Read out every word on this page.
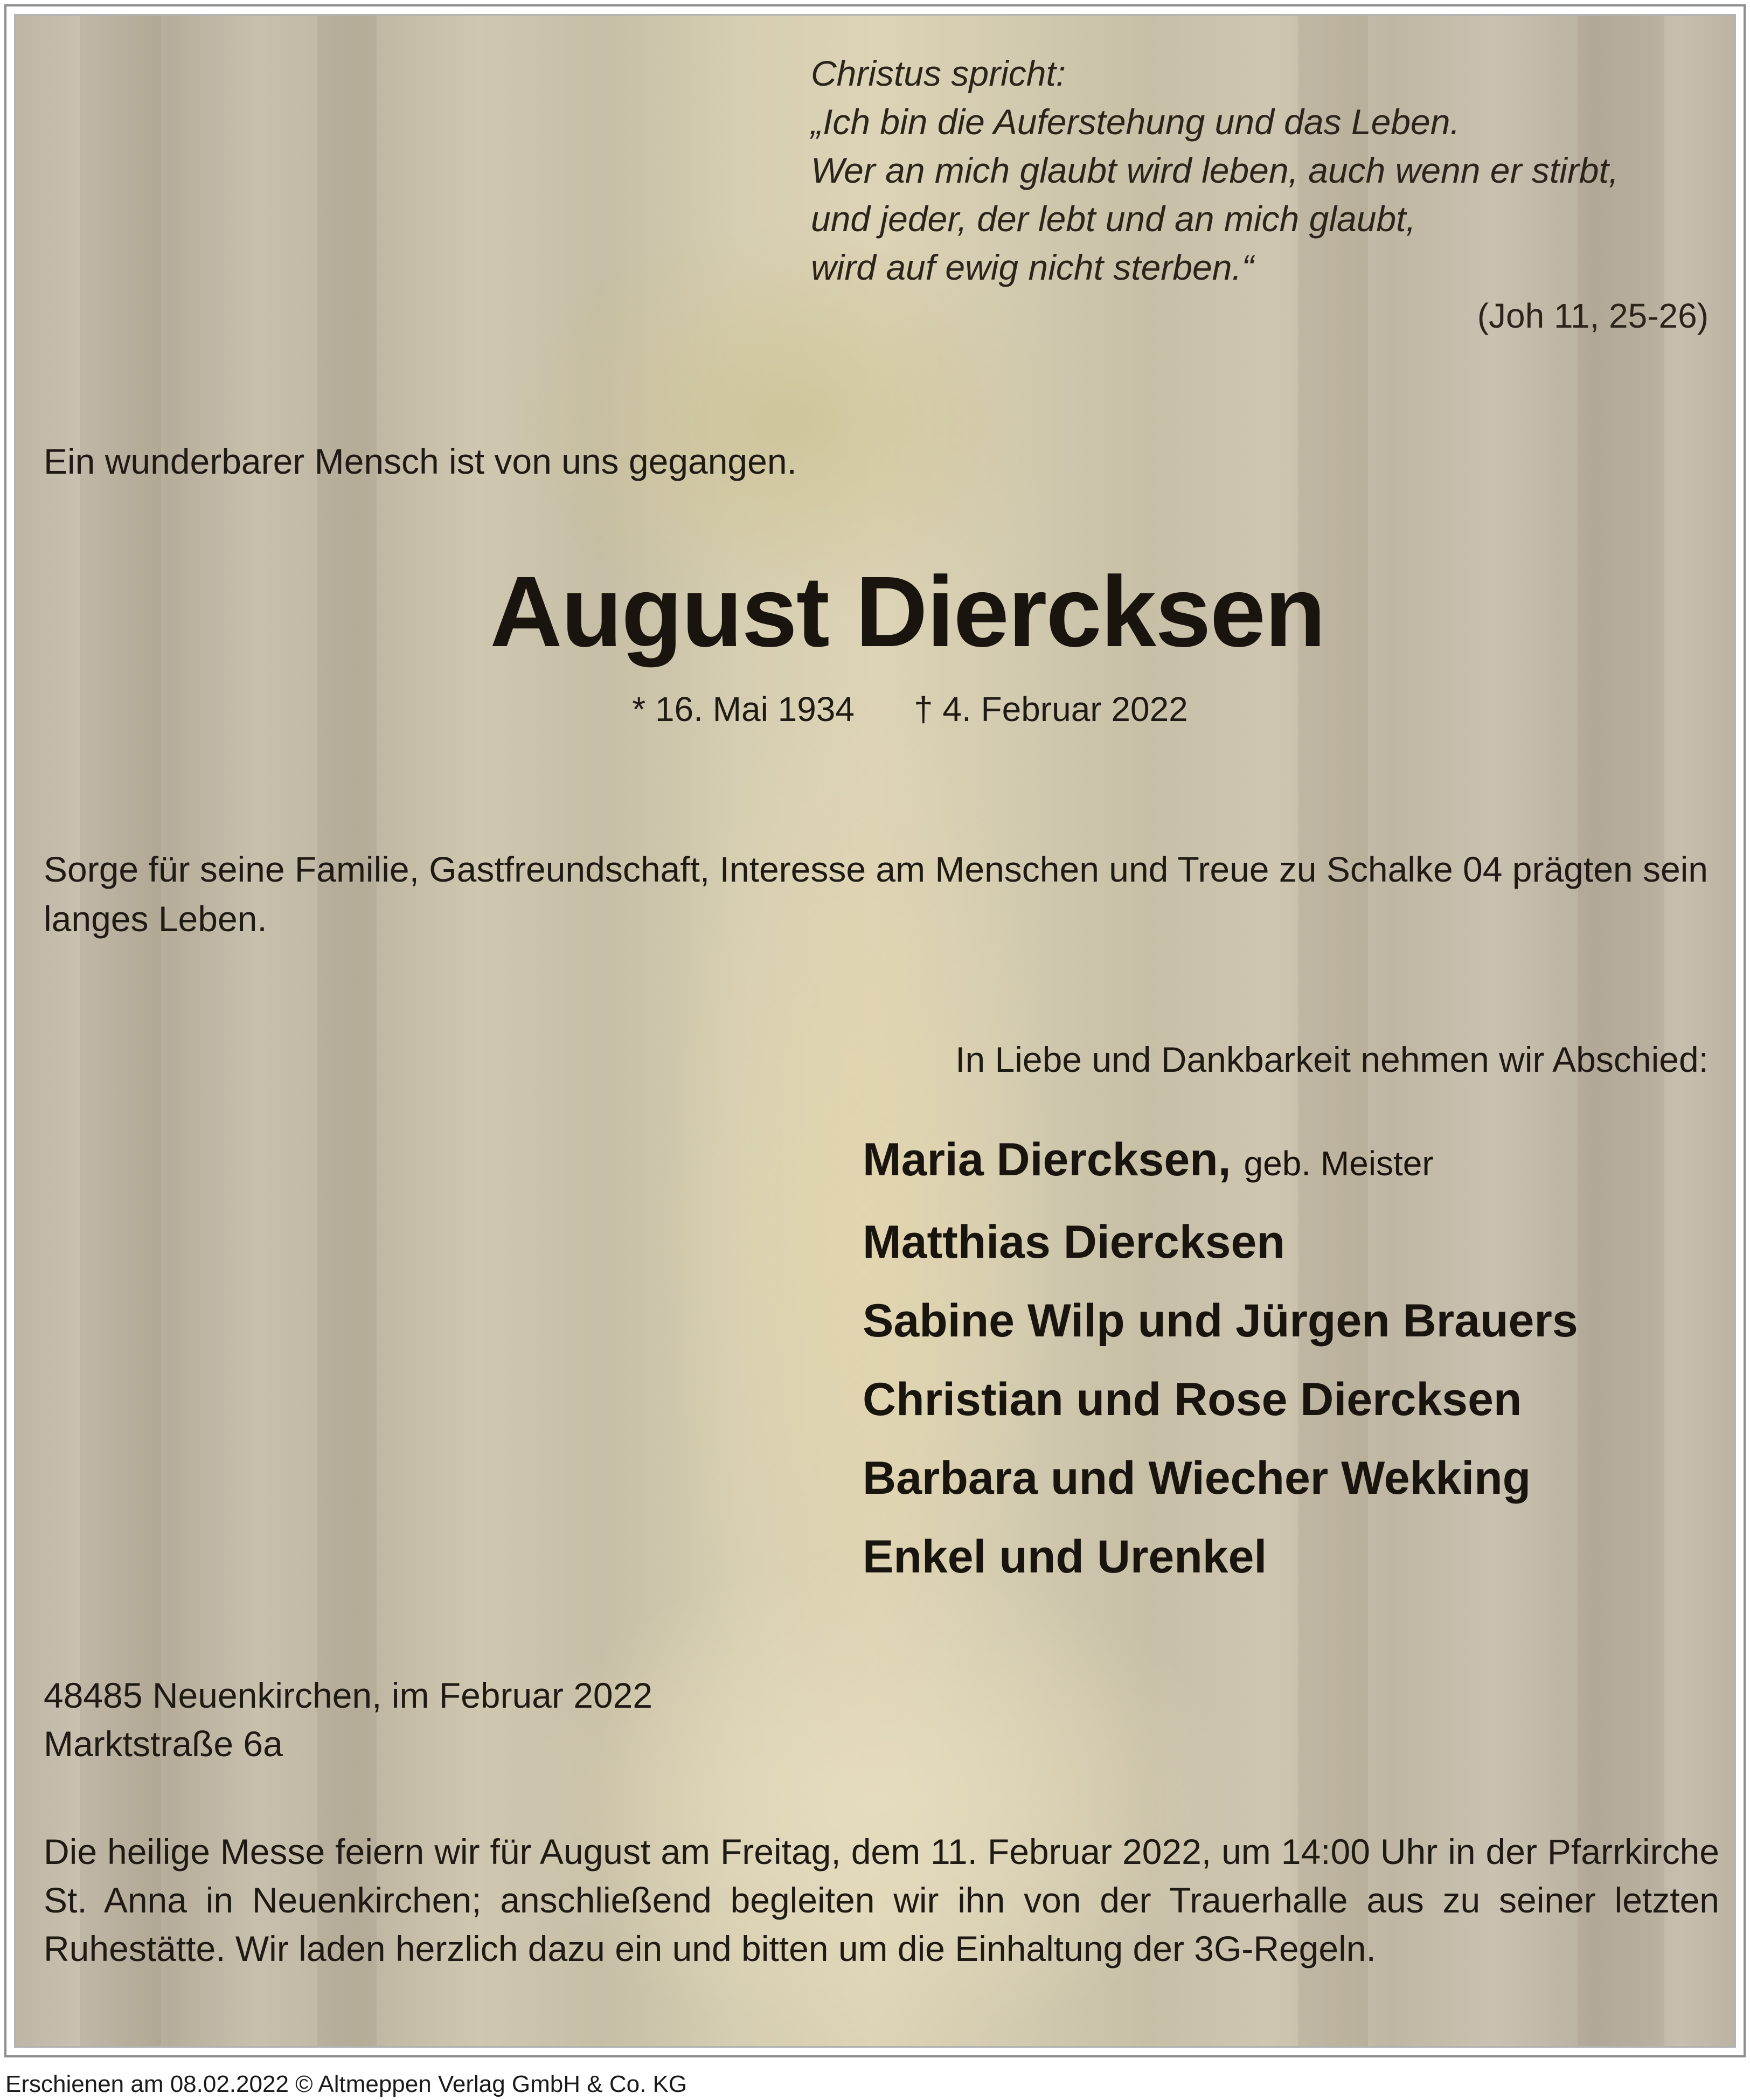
Christus spricht:
„Ich bin die Auferstehung und das Leben.
Wer an mich glaubt wird leben, auch wenn er stirbt,
und jeder, der lebt und an mich glaubt,
wird auf ewig nicht sterben.“
(Joh 11, 25-26)
Ein wunderbarer Mensch ist von uns gegangen.
August Diercksen
* 16. Mai 1934 † 4. Februar 2022
Sorge für seine Familie, Gastfreundschaft, Interesse am Menschen und Treue zu Schalke 04 prägten sein langes Leben.
In Liebe und Dankbarkeit nehmen wir Abschied:
Maria Diercksen, geb. Meister
Matthias Diercksen
Sabine Wilp und Jürgen Brauers
Christian und Rose Diercksen
Barbara und Wiecher Wekking
Enkel und Urenkel
48485 Neuenkirchen, im Februar 2022
Marktstraße 6a
Die heilige Messe feiern wir für August am Freitag, dem 11. Februar 2022, um 14:00 Uhr in der Pfarrkirche St. Anna in Neuenkirchen; anschließend begleiten wir ihn von der Trauerhalle aus zu seiner letzten Ruhestätte. Wir laden herzlich dazu ein und bitten um die Einhaltung der 3G-Regeln.
Erschienen am 08.02.2022 © Altmeppen Verlag GmbH & Co. KG
